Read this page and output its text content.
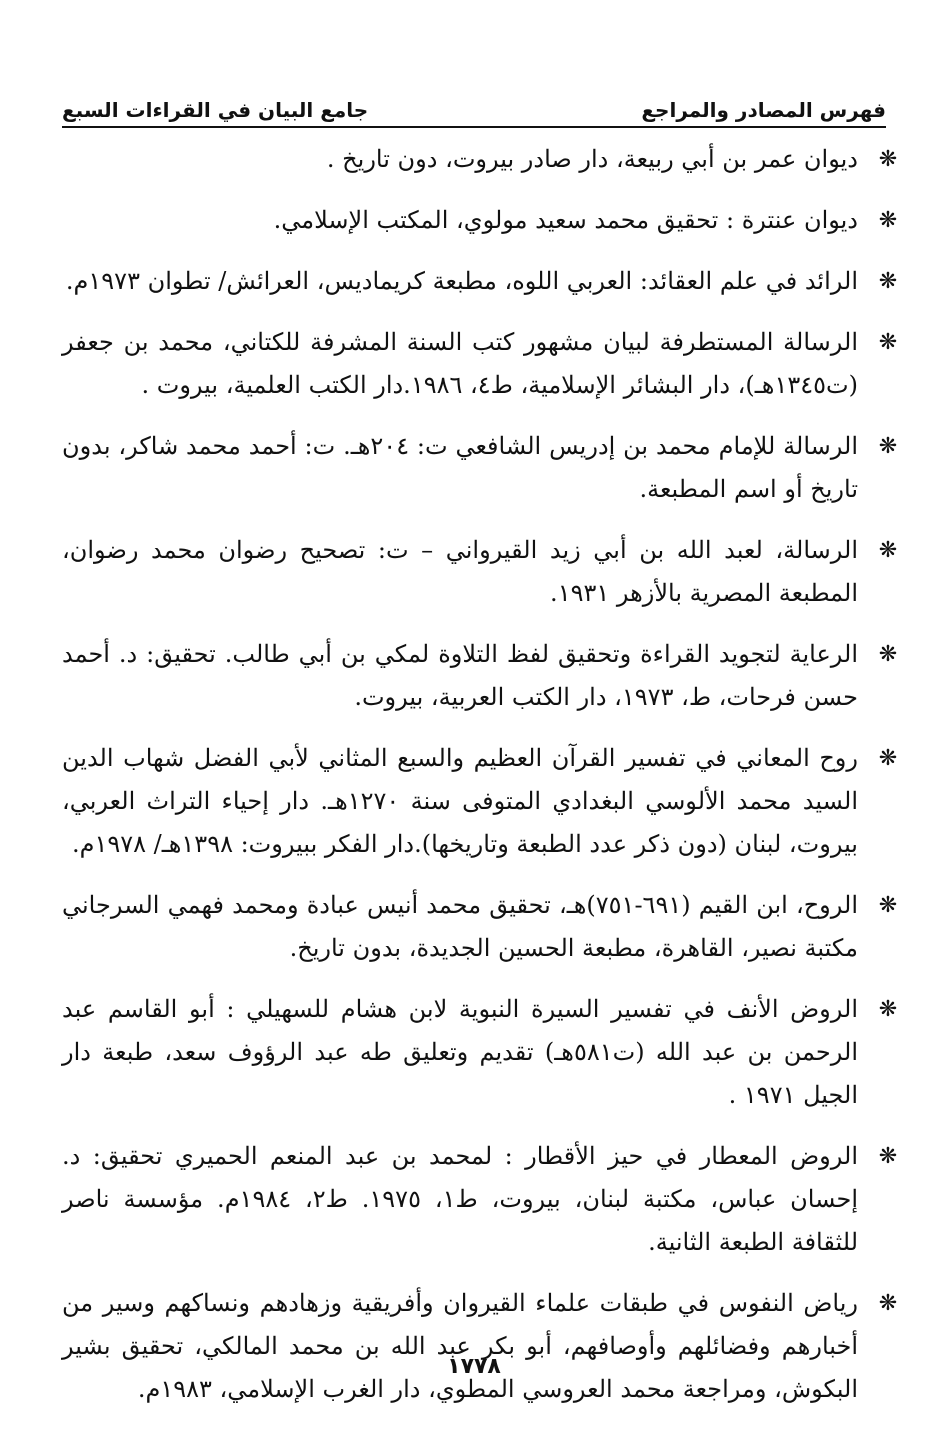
فهرس المصادر والمراجع
جامع البيان في القراءات السبع
❋
ديوان عمر بن أبي ربيعة، دار صادر بيروت، دون تاريخ .
❋
ديوان عنترة : تحقيق محمد سعيد مولوي، المكتب الإسلامي.
❋
الرائد في علم العقائد: العربي اللوه، مطبعة كريماديس، العرائش/ تطوان ١٩٧٣م.
❋
الرسالة المستطرفة لبيان مشهور كتب السنة المشرفة للكتاني، محمد بن جعفر (ت١٣٤٥هـ)، دار البشائر الإسلامية، ط٤، ١٩٨٦.دار الكتب العلمية، بيروت .
❋
الرسالة للإمام محمد بن إدريس الشافعي ت: ٢٠٤هـ. ت: أحمد محمد شاكر، بدون تاريخ أو اسم المطبعة.
❋
الرسالة، لعبد الله بن أبي زيد القيرواني – ت: تصحيح رضوان محمد رضوان، المطبعة المصرية بالأزهر ١٩٣١.
❋
الرعاية لتجويد القراءة وتحقيق لفظ التلاوة لمكي بن أبي طالب. تحقيق: د. أحمد حسن فرحات، ط، ١٩٧٣، دار الكتب العربية، بيروت.
❋
روح المعاني في تفسير القرآن العظيم والسبع المثاني لأبي الفضل شهاب الدين السيد محمد الألوسي البغدادي المتوفى سنة ١٢٧٠هـ. دار إحياء التراث العربي، بيروت، لبنان (دون ذكر عدد الطبعة وتاريخها).دار الفكر ببيروت: ١٣٩٨هـ/ ١٩٧٨م.
❋
الروح، ابن القيم (٦٩١-٧٥١)هـ، تحقيق محمد أنيس عبادة ومحمد فهمي السرجاني مكتبة نصير، القاهرة، مطبعة الحسين الجديدة، بدون تاريخ.
❋
الروض الأنف في تفسير السيرة النبوية لابن هشام للسهيلي : أبو القاسم عبد الرحمن بن عبد الله (ت٥٨١هـ) تقديم وتعليق طه عبد الرؤوف سعد، طبعة دار الجيل ١٩٧١ .
❋
الروض المعطار في حيز الأقطار : لمحمد بن عبد المنعم الحميري تحقيق: د. إحسان عباس، مكتبة لبنان، بيروت، ط١، ١٩٧٥. ط٢، ١٩٨٤م. مؤسسة ناصر للثقافة الطبعة الثانية.
❋
رياض النفوس في طبقات علماء القيروان وأفريقية وزهادهم ونساكهم وسير من أخبارهم وفضائلهم وأوصافهم، أبو بكر عبد الله بن محمد المالكي، تحقيق بشير البكوش، ومراجعة محمد العروسي المطوي، دار الغرب الإسلامي، ١٩٨٣م.
١٧٧٨
